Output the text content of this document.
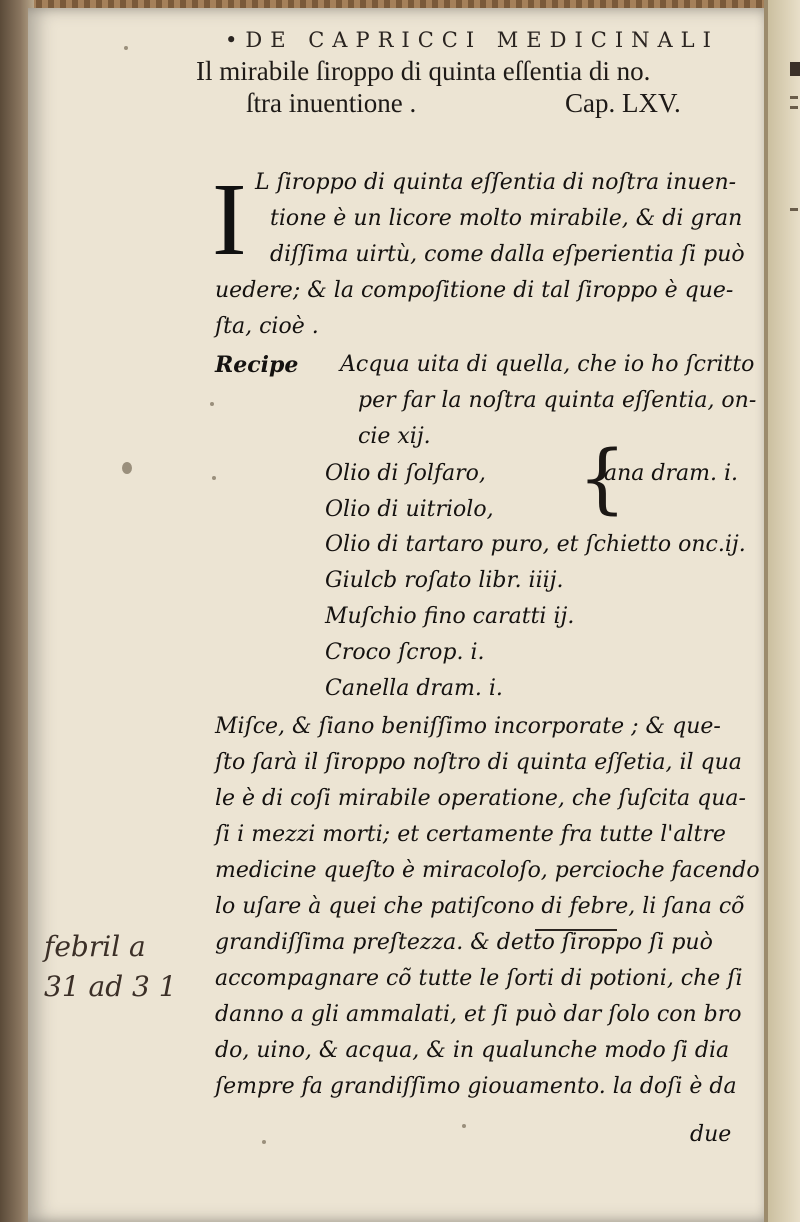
•DE CAPRICCI MEDICINALI
Il mirabile ſiroppo di quinta eſſentia di no.
ſtra inuentione .	Cap. LXV.
I L ſiroppo di quinta eſſentia di noſtra inuen-
tione è un licore molto mirabile, & di gran
diſſima uirtù, come dalla eſperientia ſi può
uedere; & la compoſitione di tal ſiroppo è que-
ſta, cioè .
Recipe Acqua uita di quella, che io ho ſcritto
per far la noſtra quinta eſſentia, on-
cie xij.
Olio di ſolfaro,
Olio di uitriolo, {
ana dram. i.
Olio di tartaro puro, et ſchietto onc.ij.
Giulcb roſato libr. iiij.
Muſchio fino caratti ij.
Croco ſcrop. i.
Canella dram. i.
Miſce, & ſiano beniſſimo incorporate ; & que-
ſto ſarà il ſiroppo noſtro di quinta eſſetia, il qua
le è di coſi mirabile operatione, che ſuſcita qua-
ſi i mezzi morti; et certamente fra tutte l'altre
medicine queſto è miracoloſo, percioche facendo
lo uſare à quei che patiſcono di febre, li ſana cõ
grandiſſima preſtezza. & detto ſiroppo ſi può
accompagnare cõ tutte le ſorti di potioni, che ſi
danno a gli ammalati, et ſi può dar ſolo con bro
do, uino, & acqua, & in qualunche modo ſi dia
ſempre fa grandiſſimo giouamento. la doſi è da
due
febril a
31 ad 3 1
